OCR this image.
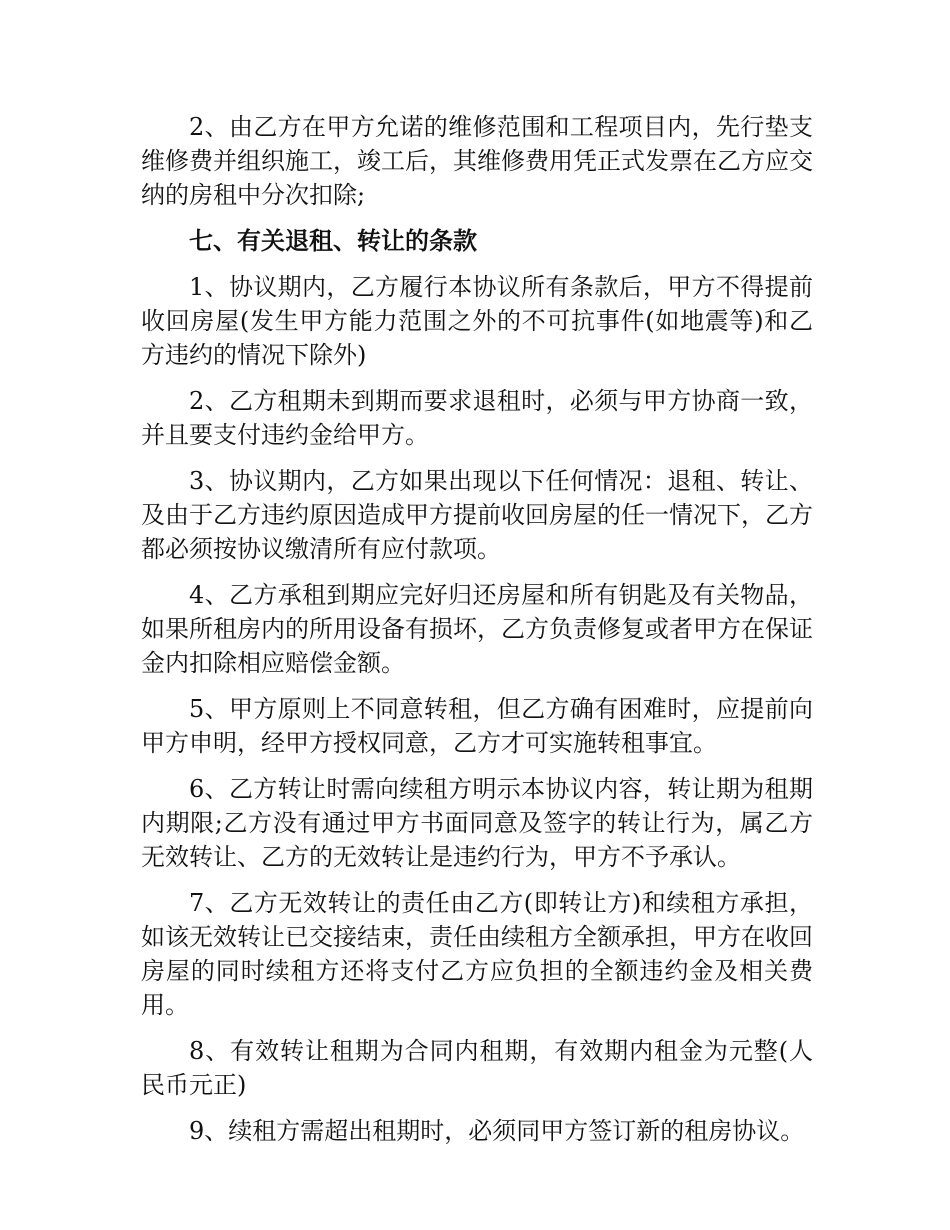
2、由乙方在甲方允诺的维修范围和工程项目内，先行垫支维修费并组织施工，竣工后，其维修费用凭正式发票在乙方应交纳的房租中分次扣除;

七、有关退租、转让的条款

1、协议期内，乙方履行本协议所有条款后，甲方不得提前收回房屋(发生甲方能力范围之外的不可抗事件(如地震等)和乙方违约的情况下除外)

2、乙方租期未到期而要求退租时，必须与甲方协商一致，并且要支付违约金给甲方。

3、协议期内，乙方如果出现以下任何情况：退租、转让、及由于乙方违约原因造成甲方提前收回房屋的任一情况下，乙方都必须按协议缴清所有应付款项。

4、乙方承租到期应完好归还房屋和所有钥匙及有关物品，如果所租房内的所用设备有损坏，乙方负责修复或者甲方在保证金内扣除相应赔偿金额。

5、甲方原则上不同意转租，但乙方确有困难时，应提前向甲方申明，经甲方授权同意，乙方才可实施转租事宜。

6、乙方转让时需向续租方明示本协议内容，转让期为租期内期限;乙方没有通过甲方书面同意及签字的转让行为，属乙方无效转让、乙方的无效转让是违约行为，甲方不予承认。

7、乙方无效转让的责任由乙方(即转让方)和续租方承担，如该无效转让已交接结束，责任由续租方全额承担，甲方在收回房屋的同时续租方还将支付乙方应负担的全额违约金及相关费用。

8、有效转让租期为合同内租期，有效期内租金为元整(人民币元正)

9、续租方需超出租期时，必须同甲方签订新的租房协议。
